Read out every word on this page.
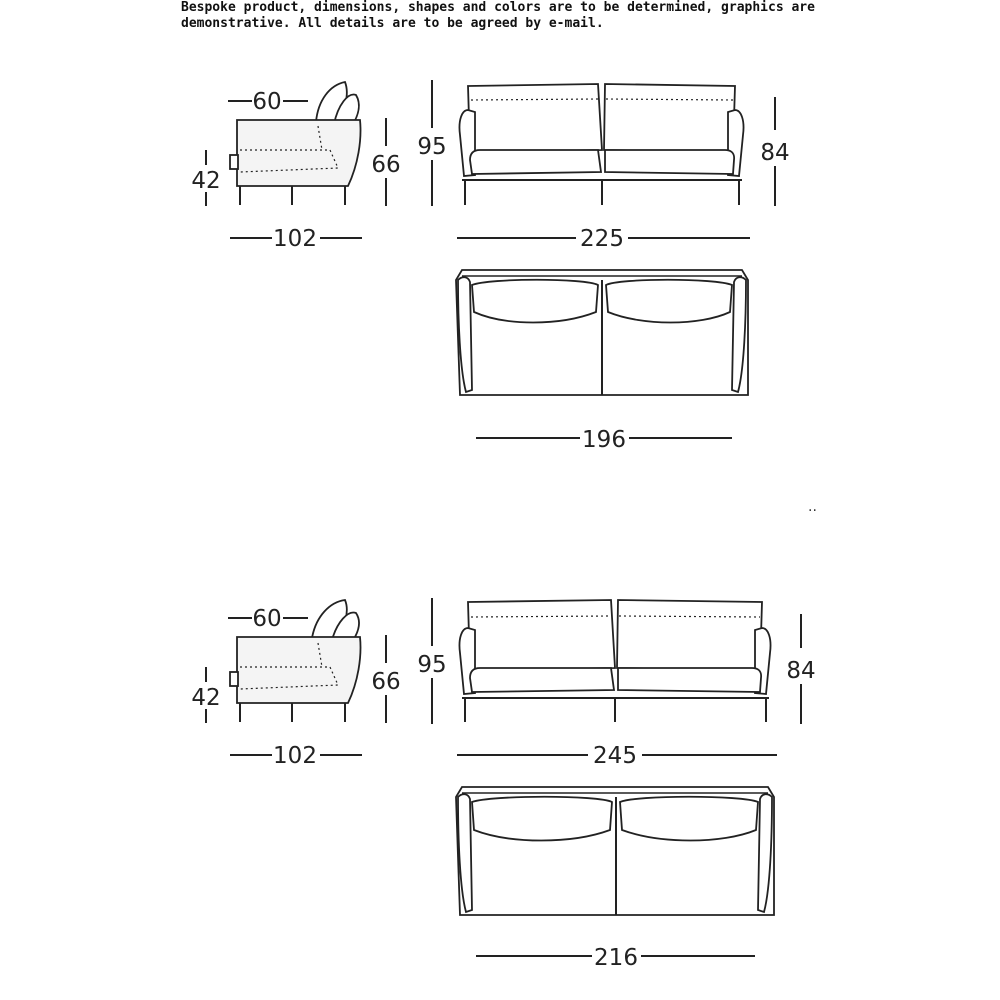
Bespoke product, dimensions, shapes and colors are to be determined, graphics are
demonstrative. All details are to be agreed by e-mail.
60
42
66
102
95	84
225
196
..
60
42
66
102
95	84
245
216
